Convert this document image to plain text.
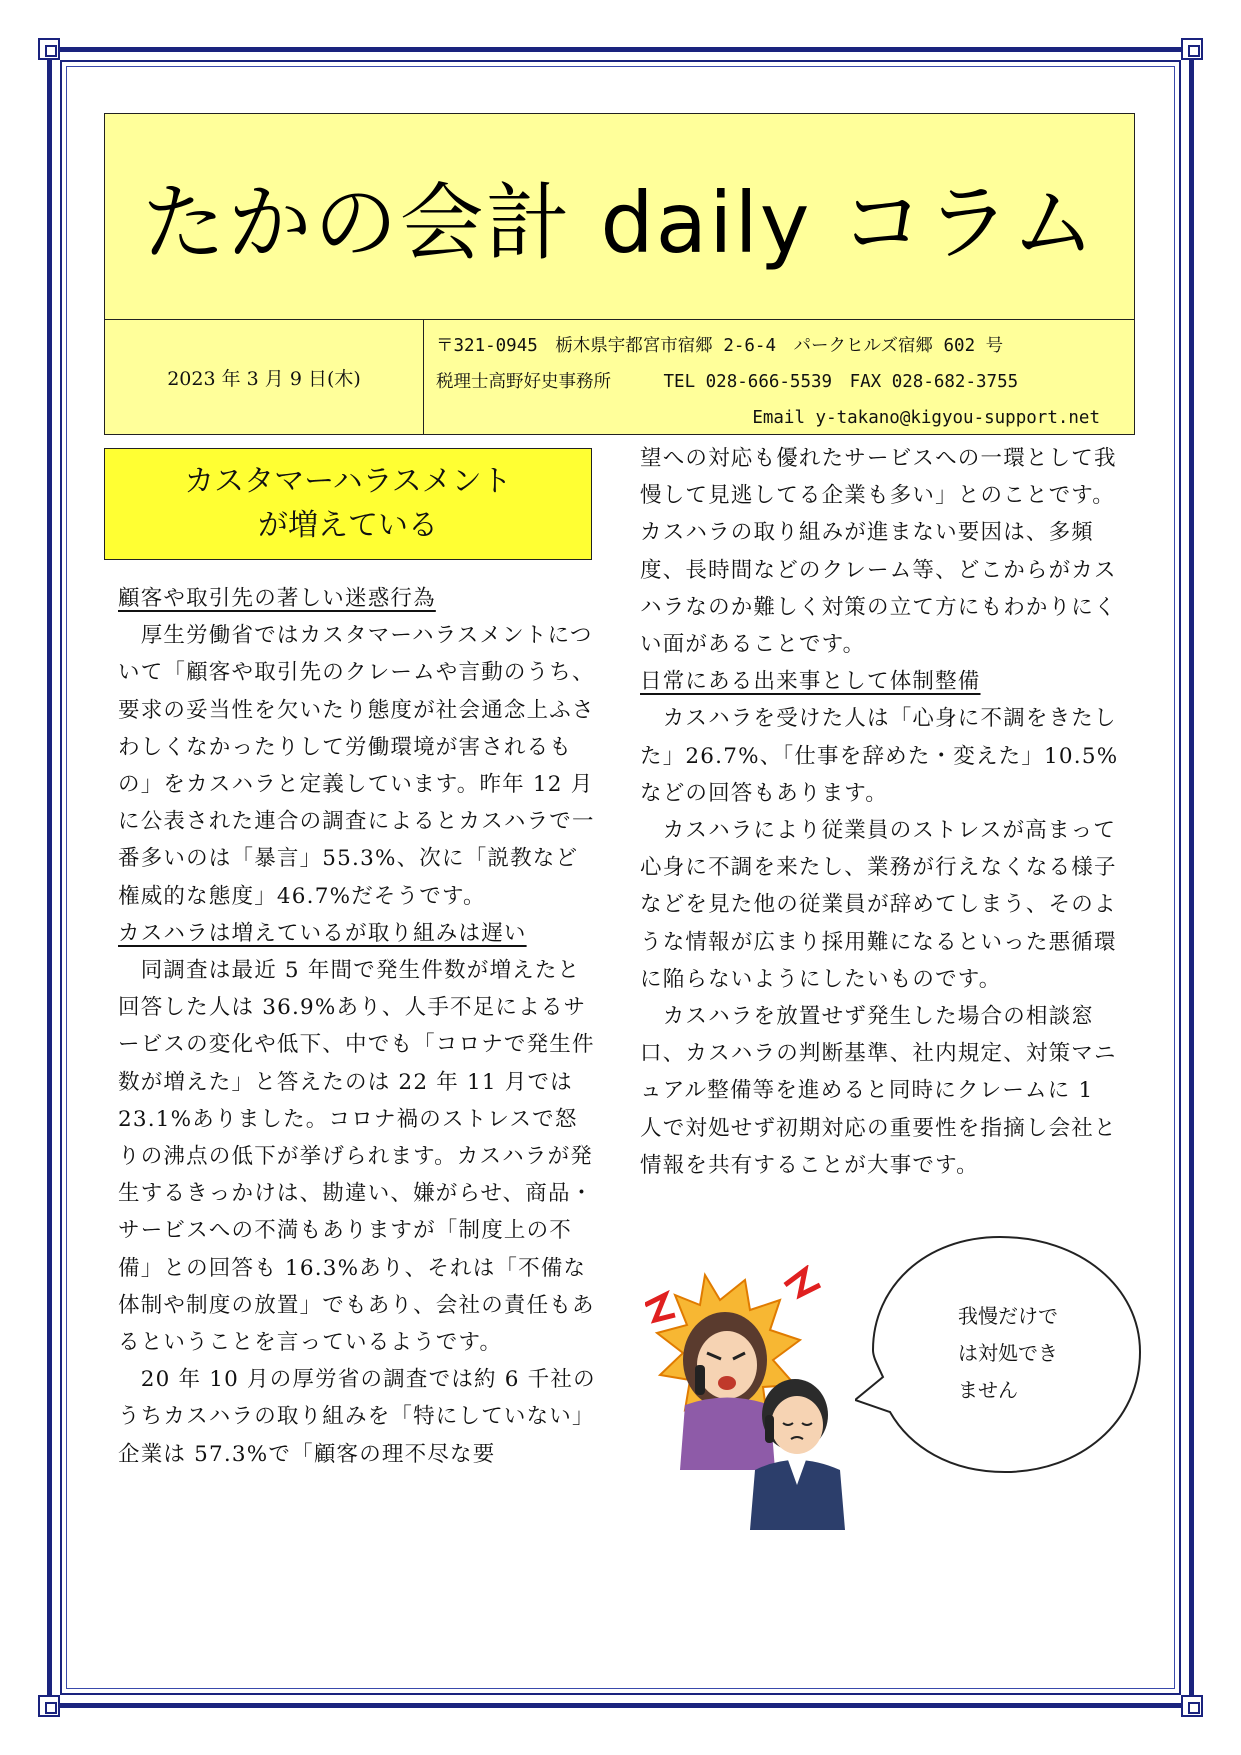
たかの会計 daily コラム
2023 年 3 月 9 日(木)
〒321-0945　栃木県宇都宮市宿郷 2-6-4　パークヒルズ宿郷 602 号
税理士高野好史事務所　　　TEL 028-666-5539　FAX 028-682-3755
Email y-takano@kigyou-support.net
カスタマーハラスメント
が増えている

顧客や取引先の著しい迷惑行為

　厚生労働省ではカスタマーハラスメントについて「顧客や取引先のクレームや言動のうち、要求の妥当性を欠いたり態度が社会通念上ふさわしくなかったりして労働環境が害されるもの」をカスハラと定義しています。昨年 12 月に公表された連合の調査によるとカスハラで一番多いのは「暴言」55.3%、次に「説教など権威的な態度」46.7%だそうです。

カスハラは増えているが取り組みは遅い

　同調査は最近 5 年間で発生件数が増えたと回答した人は 36.9%あり、人手不足によるサービスの変化や低下、中でも「コロナで発生件数が増えた」と答えたのは 22 年 11 月では 23.1%ありました。コロナ禍のストレスで怒りの沸点の低下が挙げられます。カスハラが発生するきっかけは、勘違い、嫌がらせ、商品・サービスへの不満もありますが「制度上の不備」との回答も 16.3%あり、それは「不備な体制や制度の放置」でもあり、会社の責任もあるということを言っているようです。

　20 年 10 月の厚労省の調査では約 6 千社のうちカスハラの取り組みを「特にしていない」企業は 57.3%で「顧客の理不尽な要

望への対応も優れたサービスへの一環として我慢して見逃してる企業も多い」とのことです。カスハラの取り組みが進まない要因は、多頻度、長時間などのクレーム等、どこからがカスハラなのか難しく対策の立て方にもわかりにくい面があることです。

日常にある出来事として体制整備

　カスハラを受けた人は「心身に不調をきたした」26.7%、「仕事を辞めた・変えた」10.5%などの回答もあります。

　カスハラにより従業員のストレスが高まって心身に不調を来たし、業務が行えなくなる様子などを見た他の従業員が辞めてしまう、そのような情報が広まり採用難になるといった悪循環に陥らないようにしたいものです。

　カスハラを放置せず発生した場合の相談窓口、カスハラの判断基準、社内規定、対策マニュアル整備等を進めると同時にクレームに 1 人で対処せず初期対応の重要性を指摘し会社と情報を共有することが大事です。

我慢だけで
は対処でき
ません
